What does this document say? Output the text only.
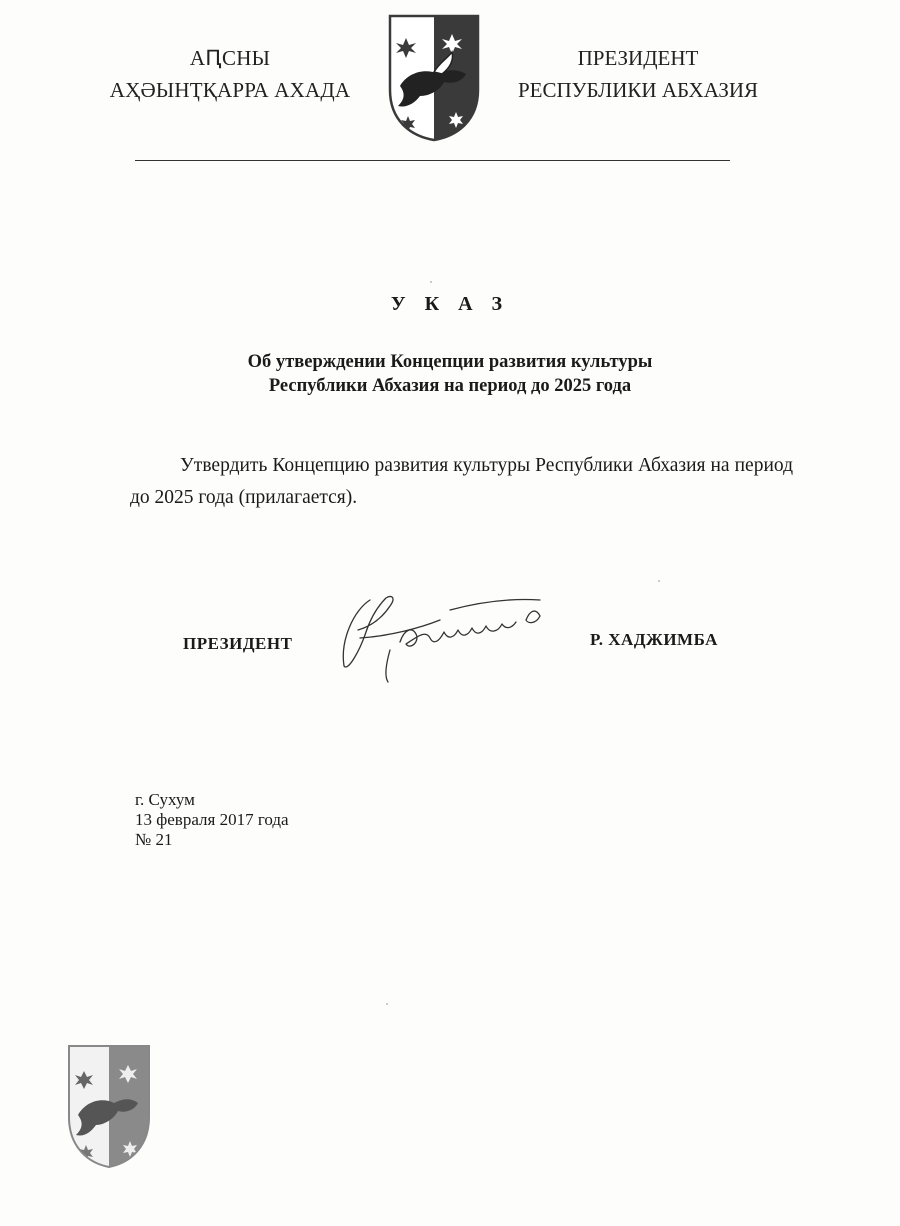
АԤСНЫ
АҲӘЫНҬҚАРРА АХАДА
ПРЕЗИДЕНТ
РЕСПУБЛИКИ АБХАЗИЯ
У К А З
Об утверждении Концепции развития культуры
Республики Абхазия на период до 2025 года
Утвердить Концепцию развития культуры Республики Абхазия на период до 2025 года (прилагается).
ПРЕЗИДЕНТ	Р. ХАДЖИМБА
г. Сухум
13 февраля 2017 года
№ 21
